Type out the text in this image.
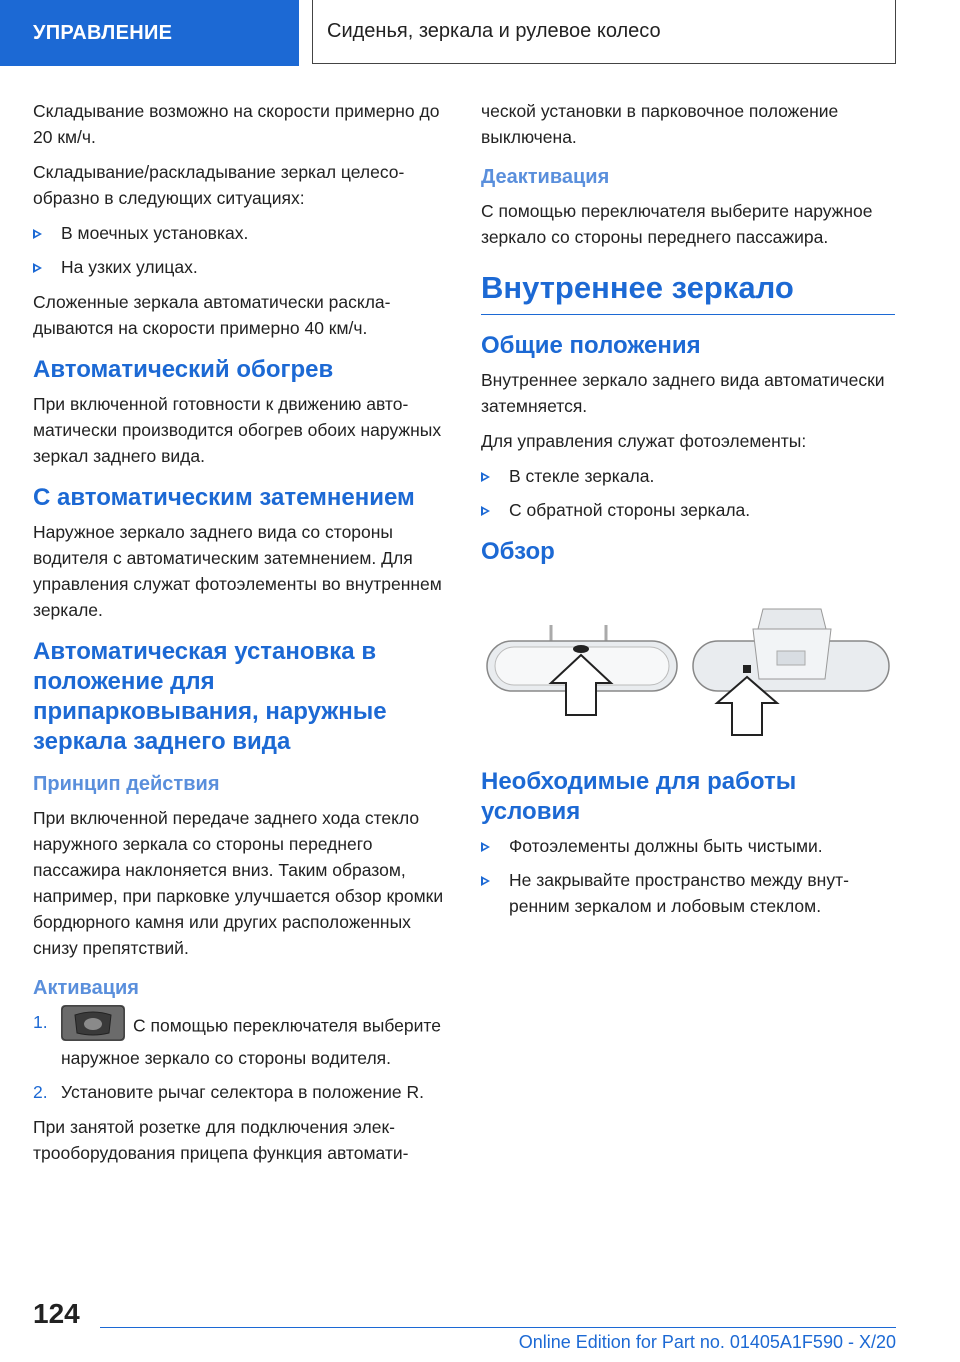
УПРАВЛЕНИЕ	Сиденья, зеркала и рулевое колесо

Складывание возможно на скорости примерно до 20 км/ч.

Складывание/раскладывание зеркал целесообразно в следующих ситуациях:

В моечных установках.
На узких улицах.

Сложенные зеркала автоматически раскладываются на скорости примерно 40 км/ч.

Автоматический обогрев

При включенной готовности к движению автоматически производится обогрев обоих наружных зеркал заднего вида.

С автоматическим затемнением

Наружное зеркало заднего вида со стороны водителя с автоматическим затемнением. Для управления служат фотоэлементы во внутреннем зеркале.

Автоматическая установка в положение для припарковывания, наружные зеркала заднего вида
Принцип действия

При включенной передаче заднего хода стекло наружного зеркала со стороны переднего пассажира наклоняется вниз. Таким образом, например, при парковке улучшается обзор кромки бордюрного камня или других расположенных снизу препятствий.

Активация
1.	С помощью переключателя выберите наружное зеркало со стороны водителя.
2. Установите рычаг селектора в положение R.

При занятой розетке для подключения электрооборудования прицепа функция автомати-

ческой установки в парковочное положение выключена.

Деактивация

С помощью переключателя выберите наружное зеркало со стороны переднего пассажира.

Внутреннее зеркало
Общие положения

Внутреннее зеркало заднего вида автоматически затемняется.

Для управления служат фотоэлементы:

В стекле зеркала.
С обратной стороны зеркала.
Обзор
Необходимые для работы условия
Фотоэлементы должны быть чистыми.
Не закрывайте пространство между внутренним зеркалом и лобовым стеклом.
124
Online Edition for Part no. 01405A1F590 - X/20
